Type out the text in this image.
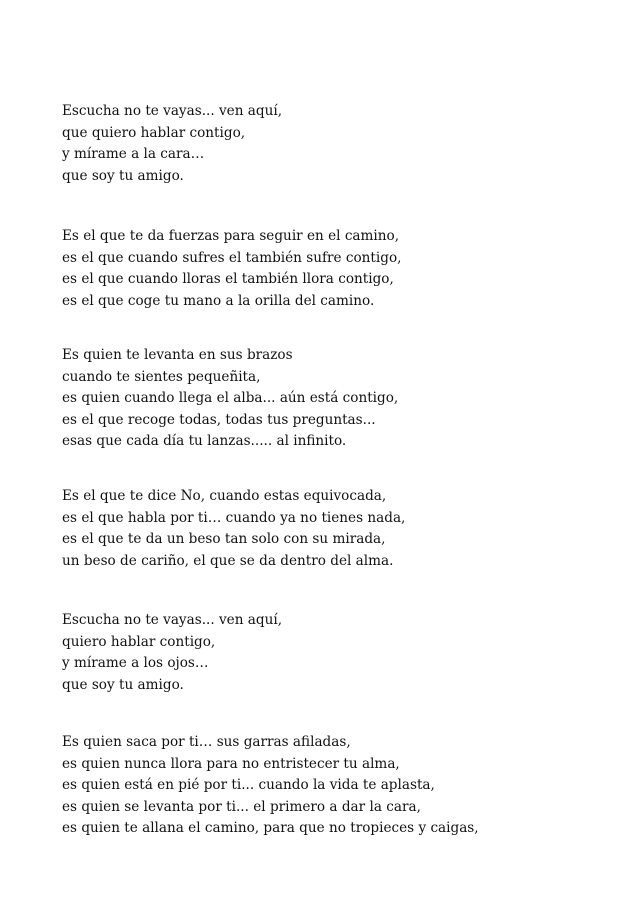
Escucha no te vayas... ven aquí,
que quiero hablar contigo,
y mírame a la cara…
que soy tu amigo.
Es el que te da fuerzas para seguir en el camino,
es el que cuando sufres el también sufre contigo,
es el que cuando lloras el también llora contigo,
es el que coge tu mano a la orilla del camino.
Es quien te levanta en sus brazos
cuando te sientes pequeñita,
es quien cuando llega el alba... aún está contigo,
es el que recoge todas, todas tus preguntas...
esas que cada día tu lanzas..... al infinito.
Es el que te dice No, cuando estas equivocada,
es el que habla por ti… cuando ya no tienes nada,
es el que te da un beso tan solo con su mirada,
un beso de cariño, el que se da dentro del alma.
Escucha no te vayas... ven aquí,
quiero hablar contigo,
y mírame a los ojos…
que soy tu amigo.
Es quien saca por ti… sus garras afiladas,
es quien nunca llora para no entristecer tu alma,
es quien está en pié por ti... cuando la vida te aplasta,
es quien se levanta por ti... el primero a dar la cara,
es quien te allana el camino, para que no tropieces y caigas,
